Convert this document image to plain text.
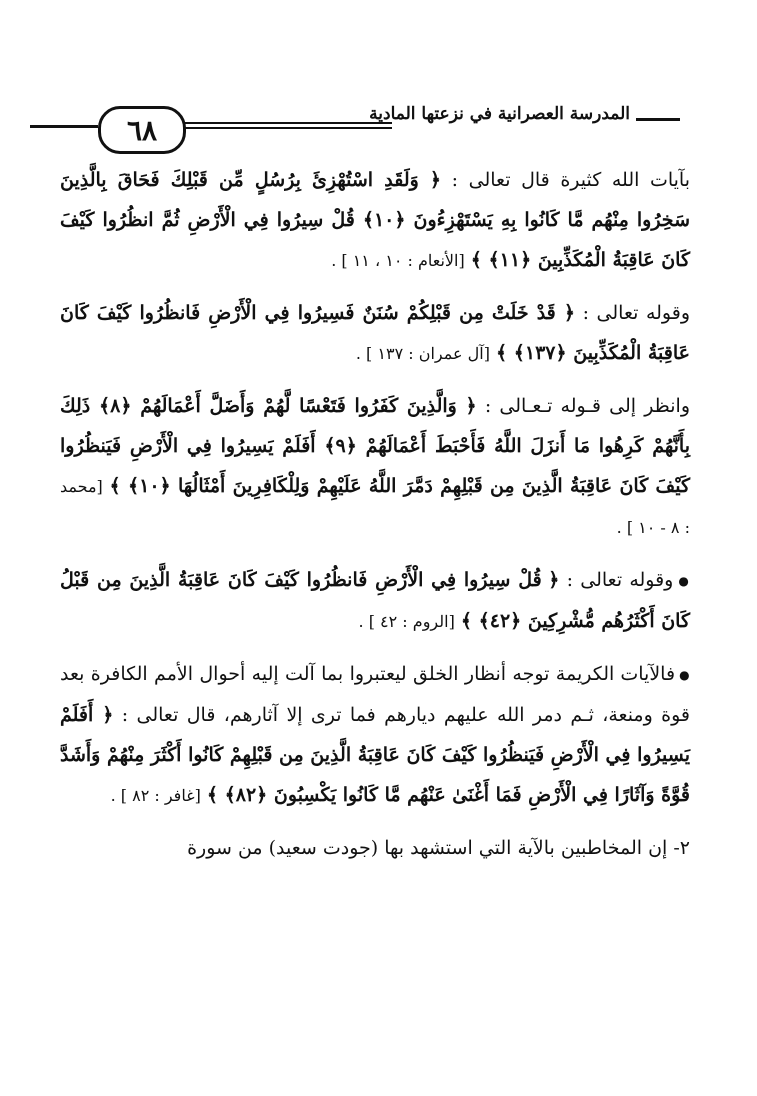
٦٨	المدرسة العصرانية في نزعتها المادية

بآيات الله كثيرة قال تعالى : ﴿ وَلَقَدِ اسْتُهْزِئَ بِرُسُلٍ مِّن قَبْلِكَ فَحَاقَ بِالَّذِينَ سَخِرُوا مِنْهُم مَّا كَانُوا بِهِ يَسْتَهْزِءُونَ ﴿١٠﴾ قُلْ سِيرُوا فِي الْأَرْضِ ثُمَّ انظُرُوا كَيْفَ كَانَ عَاقِبَةُ الْمُكَذِّبِينَ ﴿١١﴾ ﴾ [الأنعام : ١٠ ، ١١ ] .

وقوله تعالى : ﴿ قَدْ خَلَتْ مِن قَبْلِكُمْ سُنَنٌ فَسِيرُوا فِي الْأَرْضِ فَانظُرُوا كَيْفَ كَانَ عَاقِبَةُ الْمُكَذِّبِينَ ﴿١٣٧﴾ ﴾ [آل عمران : ١٣٧ ] .

وانظر إلى قـوله تـعـالى : ﴿ وَالَّذِينَ كَفَرُوا فَتَعْسًا لَّهُمْ وَأَضَلَّ أَعْمَالَهُمْ ﴿٨﴾ ذَلِكَ بِأَنَّهُمْ كَرِهُوا مَا أَنزَلَ اللَّهُ فَأَحْبَطَ أَعْمَالَهُمْ ﴿٩﴾ أَفَلَمْ يَسِيرُوا فِي الْأَرْضِ فَيَنظُرُوا كَيْفَ كَانَ عَاقِبَةُ الَّذِينَ مِن قَبْلِهِمْ دَمَّرَ اللَّهُ عَلَيْهِمْ وَلِلْكَافِرِينَ أَمْثَالُهَا ﴿١٠﴾ ﴾ [محمد : ٨ - ١٠ ] .

● وقوله تعالى : ﴿ قُلْ سِيرُوا فِي الْأَرْضِ فَانظُرُوا كَيْفَ كَانَ عَاقِبَةُ الَّذِينَ مِن قَبْلُ كَانَ أَكْثَرُهُم مُّشْرِكِينَ ﴿٤٢﴾ ﴾ [الروم : ٤٢ ] .

● فالآيات الكريمة توجه أنظار الخلق ليعتبروا بما آلت إليه أحوال الأمم الكافرة بعد قوة ومنعة، ثـم دمر الله عليهم ديارهم فما ترى إلا آثارهم، قال تعالى : ﴿ أَفَلَمْ يَسِيرُوا فِي الْأَرْضِ فَيَنظُرُوا كَيْفَ كَانَ عَاقِبَةُ الَّذِينَ مِن قَبْلِهِمْ كَانُوا أَكْثَرَ مِنْهُمْ وَأَشَدَّ قُوَّةً وَآثَارًا فِي الْأَرْضِ فَمَا أَغْنَىٰ عَنْهُم مَّا كَانُوا يَكْسِبُونَ ﴿٨٢﴾ ﴾ [غافر : ٨٢ ] .

٢- إن المخاطبين بالآية التي استشهد بها (جودت سعيد) من سورة
